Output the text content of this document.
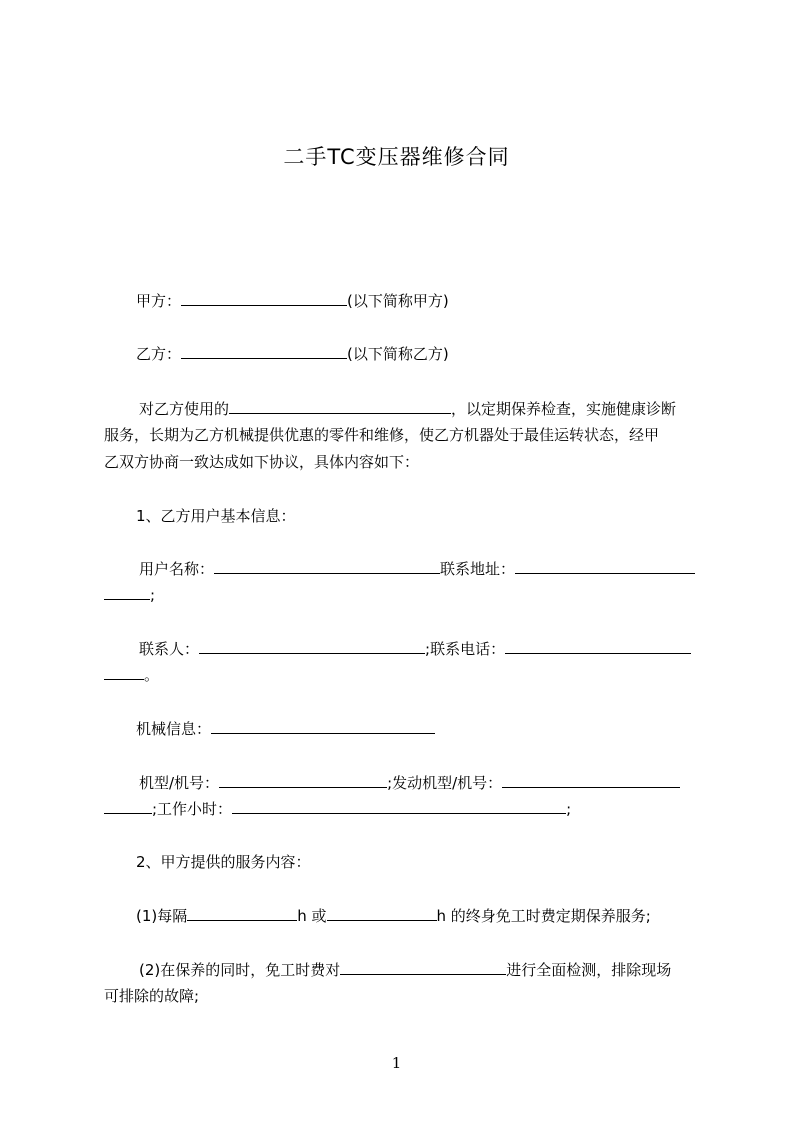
二手TC变压器维修合同
甲方：	(以下简称甲方)
乙方：	(以下简称乙方)
对乙方使用的	，以定期保养检查，实施健康诊断
服务，长期为乙方机械提供优惠的零件和维修，使乙方机器处于最佳运转状态，经甲
乙双方协商一致达成如下协议，具体内容如下：
1、乙方用户基本信息：
用户名称：	联系地址：
;
联系人：	;联系电话：
。
机械信息：
机型/机号：	;发动机型/机号：
;工作小时：	;
2、甲方提供的服务内容：
(1)每隔	h 或	h 的终身免工时费定期保养服务;
(2)在保养的同时，免工时费对	进行全面检测，排除现场
可排除的故障;
1
